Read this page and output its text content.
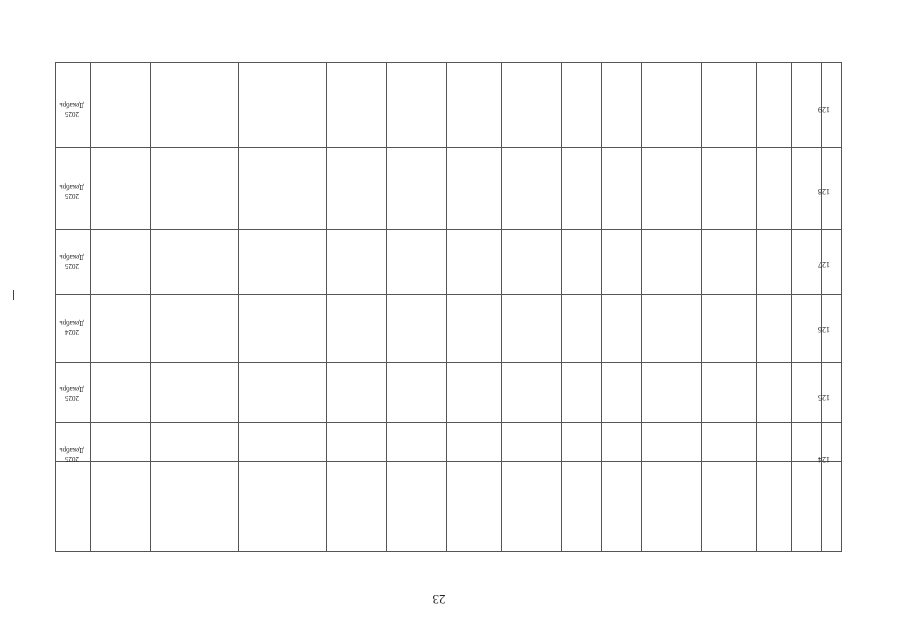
129
128
127
126
125
124
2025
Декабрь
2025
Декабрь
2025
Декабрь
2024
Декабрь
2025
Декабрь
2025
Декабрь
23
